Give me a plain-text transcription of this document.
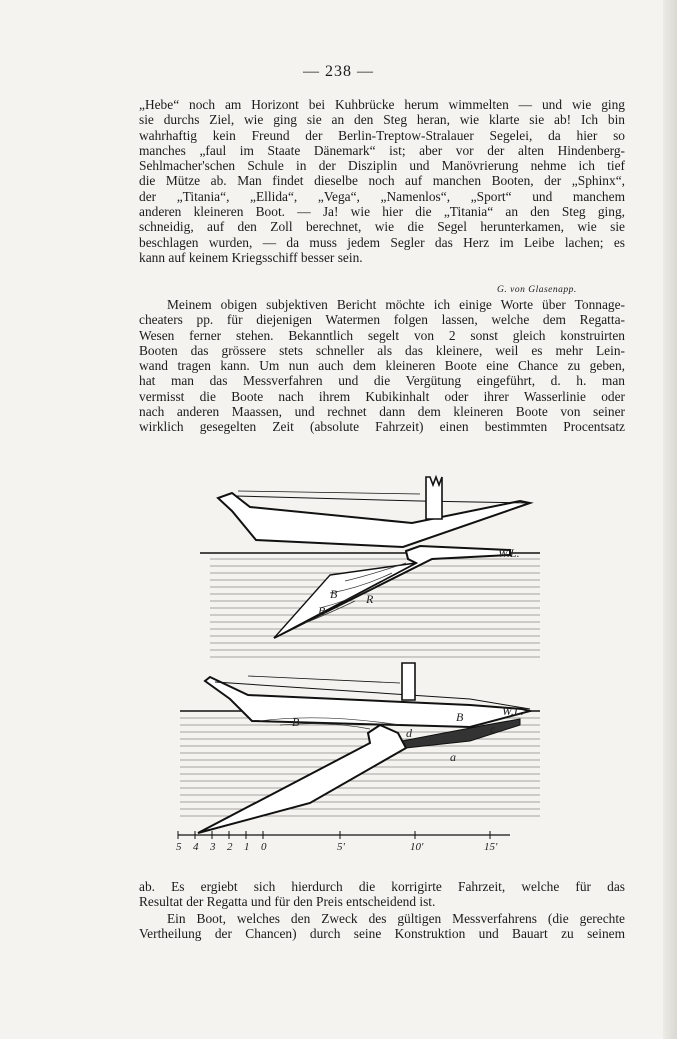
— 238 —
„Hebe“ noch am Horizont bei Kuhbrücke herum wimmelten — und wie ging
sie durchs Ziel, wie ging sie an den Steg heran, wie klarte sie ab! Ich bin
wahrhaftig kein Freund der Berlin-Treptow-Stralauer Segelei, da hier so
manches „faul im Staate Dänemark“ ist; aber vor der alten Hindenberg-
Sehlmacher'schen Schule in der Disziplin und Manövrierung nehme ich tief
die Mütze ab. Man findet dieselbe noch auf manchen Booten, der „Sphinx“,
der „Titania“, „Ellida“, „Vega“, „Namenlos“, „Sport“ und manchem
anderen kleineren Boot. — Ja! wie hier die „Titania“ an den Steg ging,
schneidig, auf den Zoll berechnet, wie die Segel herunterkamen, wie sie
beschlagen wurden, — da muss jedem Segler das Herz im Leibe lachen; es
kann auf keinem Kriegsschiff besser sein.
G. von Glasenapp.
Meinem obigen subjektiven Bericht möchte ich einige Worte über Tonnage-
cheaters pp. für diejenigen Watermen folgen lassen, welche dem Regatta-
Wesen ferner stehen. Bekanntlich segelt von 2 sonst gleich konstruirten
Booten das grössere stets schneller als das kleinere, weil es mehr Lein-
wand tragen kann. Um nun auch dem kleineren Boote eine Chance zu geben,
hat man das Messverfahren und die Vergütung eingeführt, d. h. man
vermisst die Boote nach ihrem Kubikinhalt oder ihrer Wasserlinie oder
nach anderen Maassen, und rechnet dann dem kleineren Boote von seiner
wirklich gesegelten Zeit (absolute Fahrzeit) einen bestimmten Procentsatz
W.L.
B
B
R
W.L.
B	B
d	c
a
5 4 3 2 1 0	5'	10'	15'
ab. Es ergiebt sich hierdurch die korrigirte Fahrzeit, welche für das
Resultat der Regatta und für den Preis entscheidend ist.
Ein Boot, welches den Zweck des gültigen Messverfahrens (die gerechte
Vertheilung der Chancen) durch seine Konstruktion und Bauart zu seinem
